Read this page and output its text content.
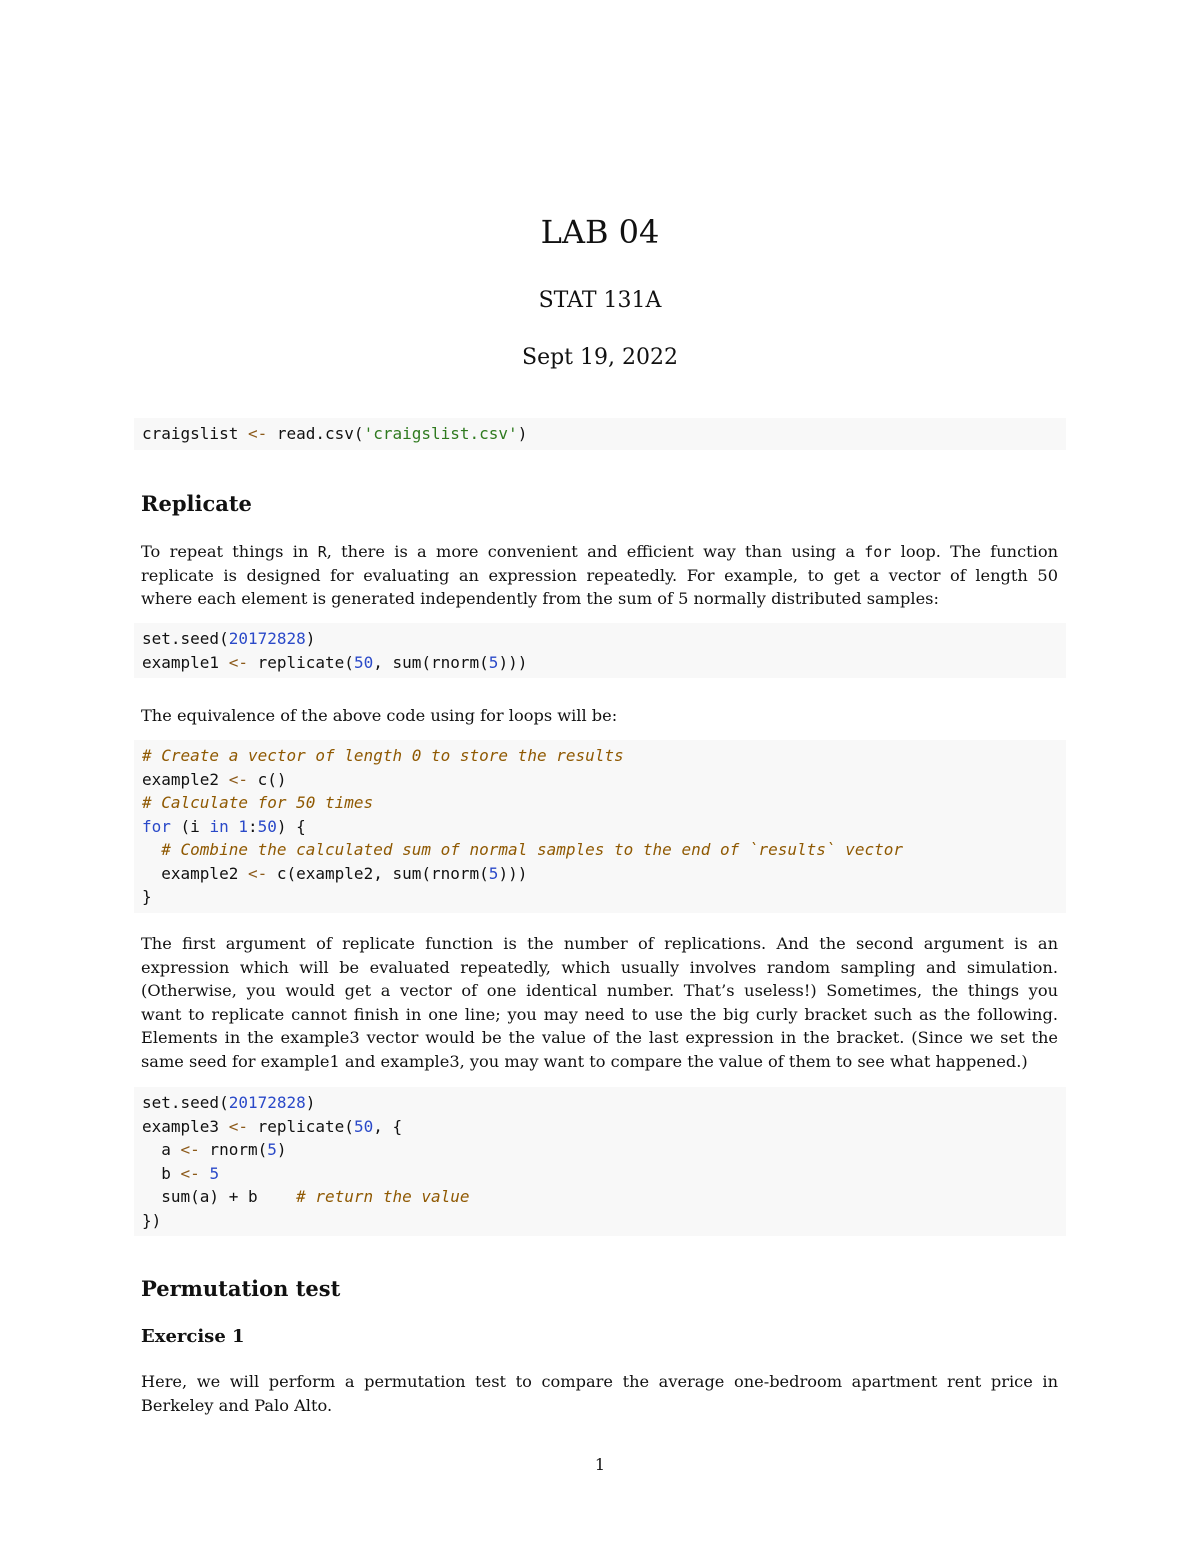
LAB 04
STAT 131A
Sept 19, 2022
craigslist <- read.csv('craigslist.csv')
Replicate
To repeat things in R, there is a more convenient and efficient way than using a for loop. The function
replicate is designed for evaluating an expression repeatedly. For example, to get a vector of length 50
where each element is generated independently from the sum of 5 normally distributed samples:
set.seed(20172828)
example1 <- replicate(50, sum(rnorm(5)))
The equivalence of the above code using for loops will be:
# Create a vector of length 0 to store the results
example2 <- c()
# Calculate for 50 times
for (i in 1:50) {
# Combine the calculated sum of normal samples to the end of `results` vector
example2 <- c(example2, sum(rnorm(5)))
}
The first argument of replicate function is the number of replications. And the second argument is an
expression which will be evaluated repeatedly, which usually involves random sampling and simulation.
(Otherwise, you would get a vector of one identical number. That’s useless!) Sometimes, the things you
want to replicate cannot finish in one line; you may need to use the big curly bracket such as the following.
Elements in the example3 vector would be the value of the last expression in the bracket. (Since we set the
same seed for example1 and example3, you may want to compare the value of them to see what happened.)
set.seed(20172828)
example3 <- replicate(50, {
a <- rnorm(5)
b <- 5
sum(a) + b    # return the value
})
Permutation test
Exercise 1
Here, we will perform a permutation test to compare the average one-bedroom apartment rent price in
Berkeley and Palo Alto.
1
